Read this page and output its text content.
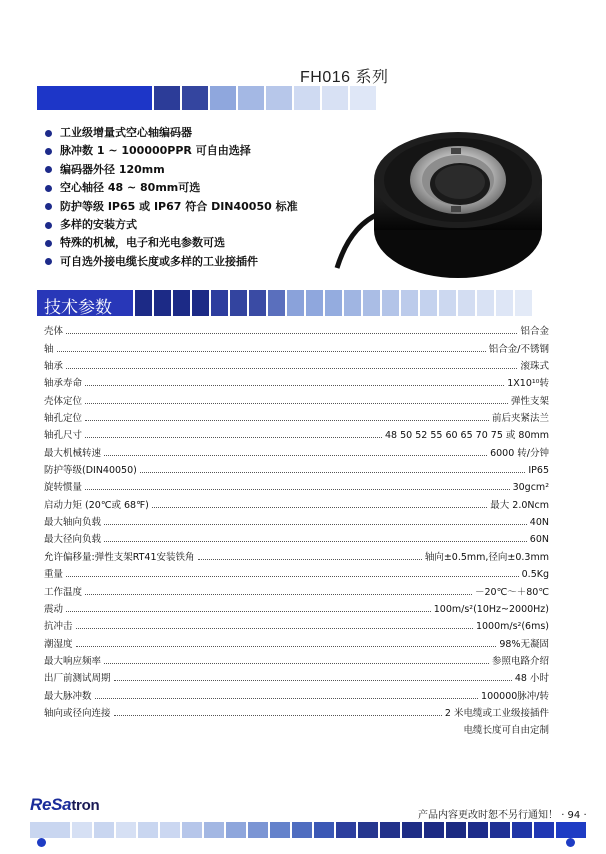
FH016 系列
工业级增量式空心轴编码器
脉冲数 1 ~ 100000PPR 可自由选择
编码器外径 120mm
空心轴径 48 ~ 80mm可选
防护等级 IP65 或 IP67 符合 DIN40050 标准
多样的安装方式
特殊的机械，电子和光电参数可选
可自选外接电缆长度或多样的工业接插件
技术参数
壳体	铝合金
轴	铝合金/不锈钢
轴承	滚珠式
轴承寿命	1X10¹⁰转
壳体定位	弹性支架
轴孔定位	前后夹紧法兰
轴孔尺寸	48 50 52 55 60 65 70 75 或 80mm
最大机械转速	6000 转/分钟
防护等级(DIN40050)	IP65
旋转惯量	30gcm²
启动力矩 (20℃或 68℉)	最大 2.0Ncm
最大轴向负载	40N
最大径向负载	60N
允许偏移量:弹性支架RT41安装铁角	轴向±0.5mm,径向±0.3mm
重量	0.5Kg
工作温度	－20℃～＋80℃
震动	100m/s²(10Hz~2000Hz)
抗冲击	1000m/s²(6ms)
潮湿度	98%无凝固
最大响应频率	参照电路介绍
出厂前测试周期	48 小时
最大脉冲数	100000脉冲/转
轴向或径向连接	2 米电缆或工业级接插件
电缆长度可自由定制
ReSatron
产品内容更改时恕不另行通知！ · 94 ·
